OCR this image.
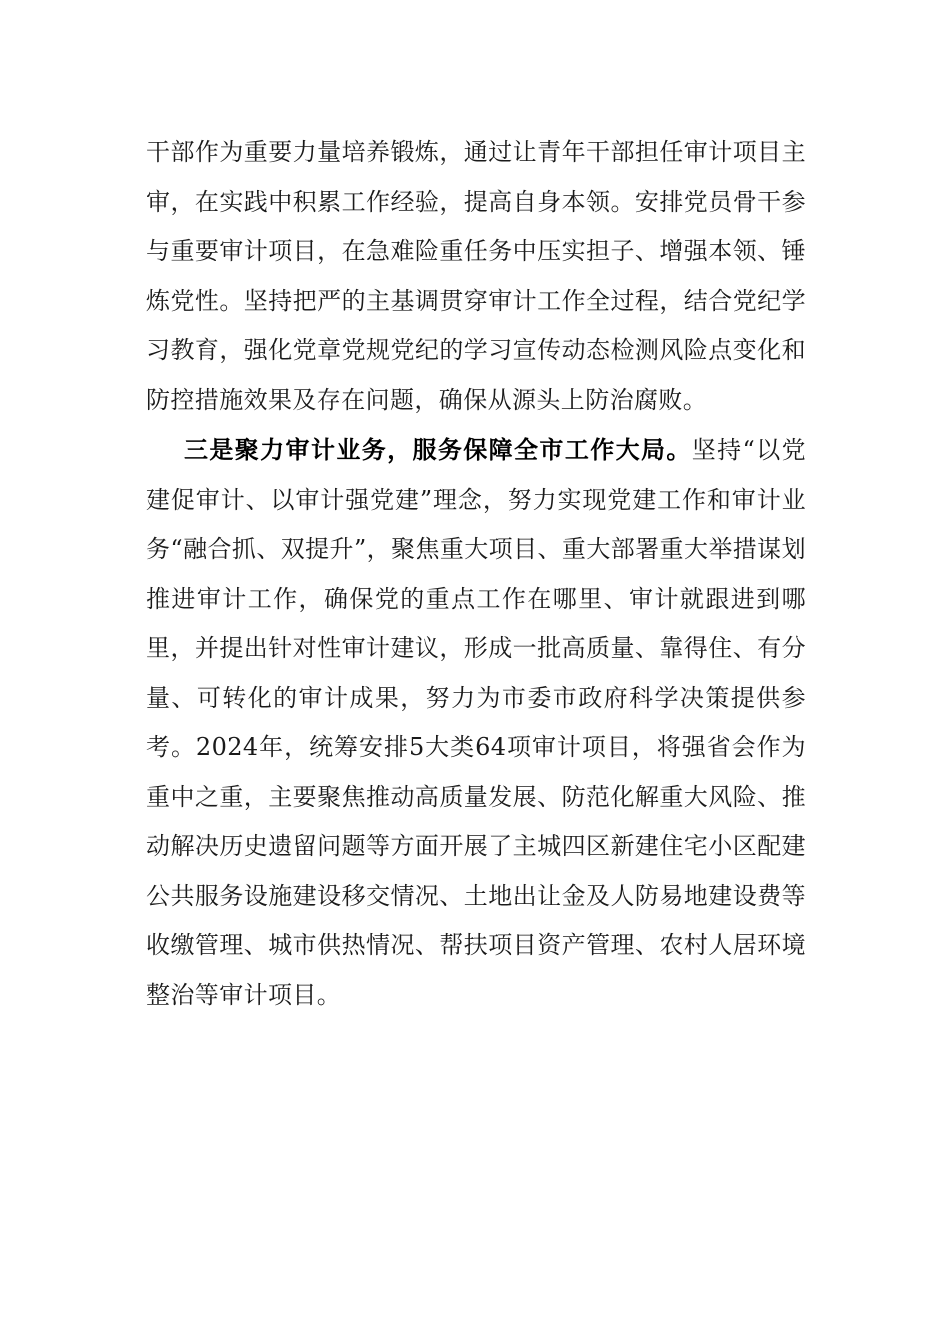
干部作为重要力量培养锻炼，通过让青年干部担任审计项目主审，在实践中积累工作经验，提高自身本领。安排党员骨干参与重要审计项目，在急难险重任务中压实担子、增强本领、锤炼党性。坚持把严的主基调贯穿审计工作全过程，结合党纪学习教育，强化党章党规党纪的学习宣传动态检测风险点变化和防控措施效果及存在问题，确保从源头上防治腐败。

三是聚力审计业务，服务保障全市工作大局。坚持“以党建促审计、以审计强党建”理念，努力实现党建工作和审计业务“融合抓、双提升”，聚焦重大项目、重大部署重大举措谋划推进审计工作，确保党的重点工作在哪里、审计就跟进到哪里，并提出针对性审计建议，形成一批高质量、靠得住、有分量、可转化的审计成果，努力为市委市政府科学决策提供参考。2024年，统筹安排5大类64项审计项目，将强省会作为重中之重，主要聚焦推动高质量发展、防范化解重大风险、推动解决历史遗留问题等方面开展了主城四区新建住宅小区配建公共服务设施建设移交情况、土地出让金及人防易地建设费等收缴管理、城市供热情况、帮扶项目资产管理、农村人居环境整治等审计项目。
